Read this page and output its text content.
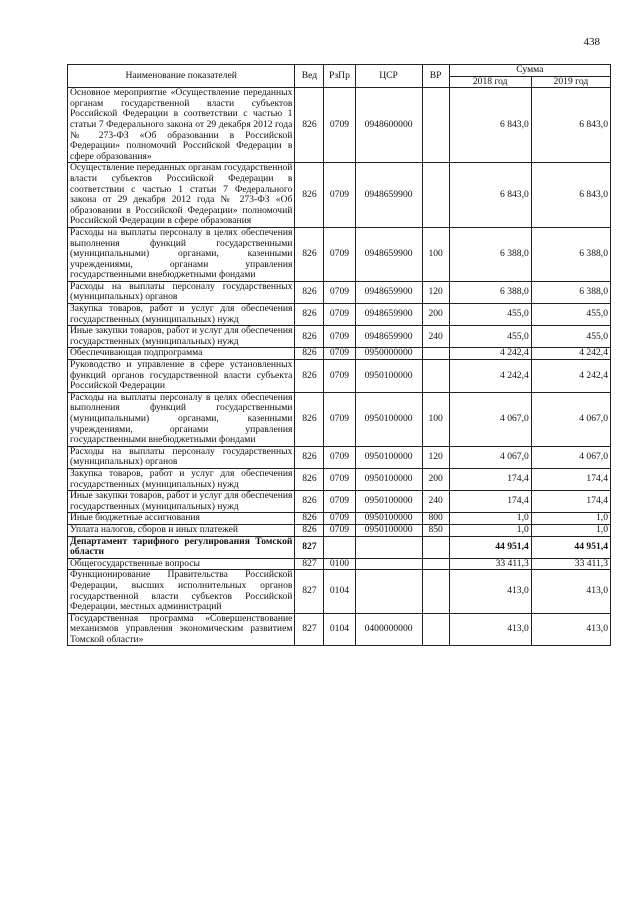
438
Наименование показателей	Вед	РзПр	ЦСР	ВР	Сумма	
					2018 год	2019 год
Основное мероприятие «Осуществление переданных органам государственной власти субъектов Российской Федерации в соответствии с частью 1 статьи 7 Федерального закона от 29 декабря 2012 года № 273-ФЗ «Об образовании в Российской Федерации» полномочий Российской Федерации в сфере образования»	826	0709	0948600000		6 843,0	6 843,0
Осуществление переданных органам государственной власти субъектов Российской Федерации в соответствии с частью 1 статьи 7 Федерального закона от 29 декабря 2012 года № 273-ФЗ «Об образовании в Российской Федерации» полномочий Российской Федерации в сфере образования	826	0709	0948659900		6 843,0	6 843,0
Расходы на выплаты персоналу в целях обеспечения выполнения функций государственными (муниципальными) органами, казенными учреждениями, органами управления государственными внебюджетными фондами	826	0709	0948659900	100	6 388,0	6 388,0
Расходы на выплаты персоналу государственных (муниципальных) органов	826	0709	0948659900	120	6 388,0	6 388,0
Закупка товаров, работ и услуг для обеспечения государственных (муниципальных) нужд	826	0709	0948659900	200	455,0	455,0
Иные закупки товаров, работ и услуг для обеспечения государственных (муниципальных) нужд	826	0709	0948659900	240	455,0	455,0
Обеспечивающая подпрограмма	826	0709	0950000000		4 242,4	4 242,4
Руководство и управление в сфере установленных функций органов государственной власти субъекта Российской Федерации	826	0709	0950100000		4 242,4	4 242,4
Расходы на выплаты персоналу в целях обеспечения выполнения функций государственными (муниципальными) органами, казенными учреждениями, органами управления государственными внебюджетными фондами	826	0709	0950100000	100	4 067,0	4 067,0
Расходы на выплаты персоналу государственных (муниципальных) органов	826	0709	0950100000	120	4 067,0	4 067,0
Закупка товаров, работ и услуг для обеспечения государственных (муниципальных) нужд	826	0709	0950100000	200	174,4	174,4
Иные закупки товаров, работ и услуг для обеспечения государственных (муниципальных) нужд	826	0709	0950100000	240	174,4	174,4
Иные бюджетные ассигнования	826	0709	0950100000	800	1,0	1,0
Уплата налогов, сборов и иных платежей	826	0709	0950100000	850	1,0	1,0
Департамент тарифного регулирования Томской области	827				44 951,4	44 951,4
Общегосударственные вопросы	827	0100			33 411,3	33 411,3
Функционирование Правительства Российской Федерации, высших исполнительных органов государственной власти субъектов Российской Федерации, местных администраций	827	0104			413,0	413,0
Государственная программа «Совершенствование механизмов управления экономическим развитием Томской области»	827	0104	0400000000		413,0	413,0
